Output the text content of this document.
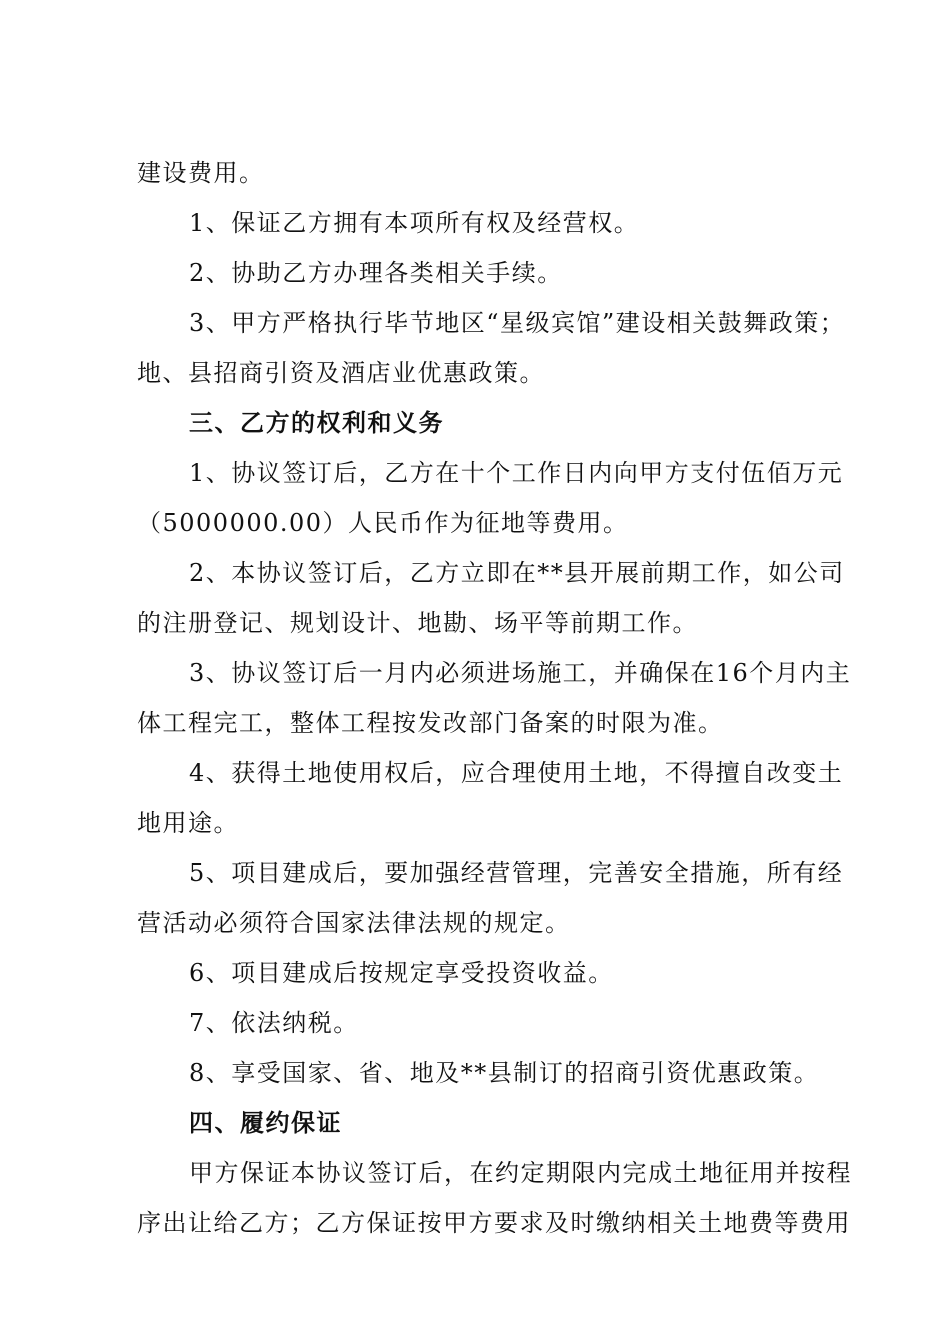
建设费用。
1、保证乙方拥有本项所有权及经营权。
2、协助乙方办理各类相关手续。
3、甲方严格执行毕节地区“星级宾馆”建设相关鼓舞政策；
地、县招商引资及酒店业优惠政策。
三、乙方的权利和义务
1、协议签订后，乙方在十个工作日内向甲方支付伍佰万元
（5000000.00）人民币作为征地等费用。
2、本协议签订后，乙方立即在**县开展前期工作，如公司
的注册登记、规划设计、地勘、场平等前期工作。
3、协议签订后一月内必须进场施工，并确保在16个月内主
体工程完工，整体工程按发改部门备案的时限为准。
4、获得土地使用权后，应合理使用土地，不得擅自改变土
地用途。
5、项目建成后，要加强经营管理，完善安全措施，所有经
营活动必须符合国家法律法规的规定。
6、项目建成后按规定享受投资收益。
7、依法纳税。
8、享受国家、省、地及**县制订的招商引资优惠政策。
四、履约保证
甲方保证本协议签订后，在约定期限内完成土地征用并按程
序出让给乙方；乙方保证按甲方要求及时缴纳相关土地费等费用
